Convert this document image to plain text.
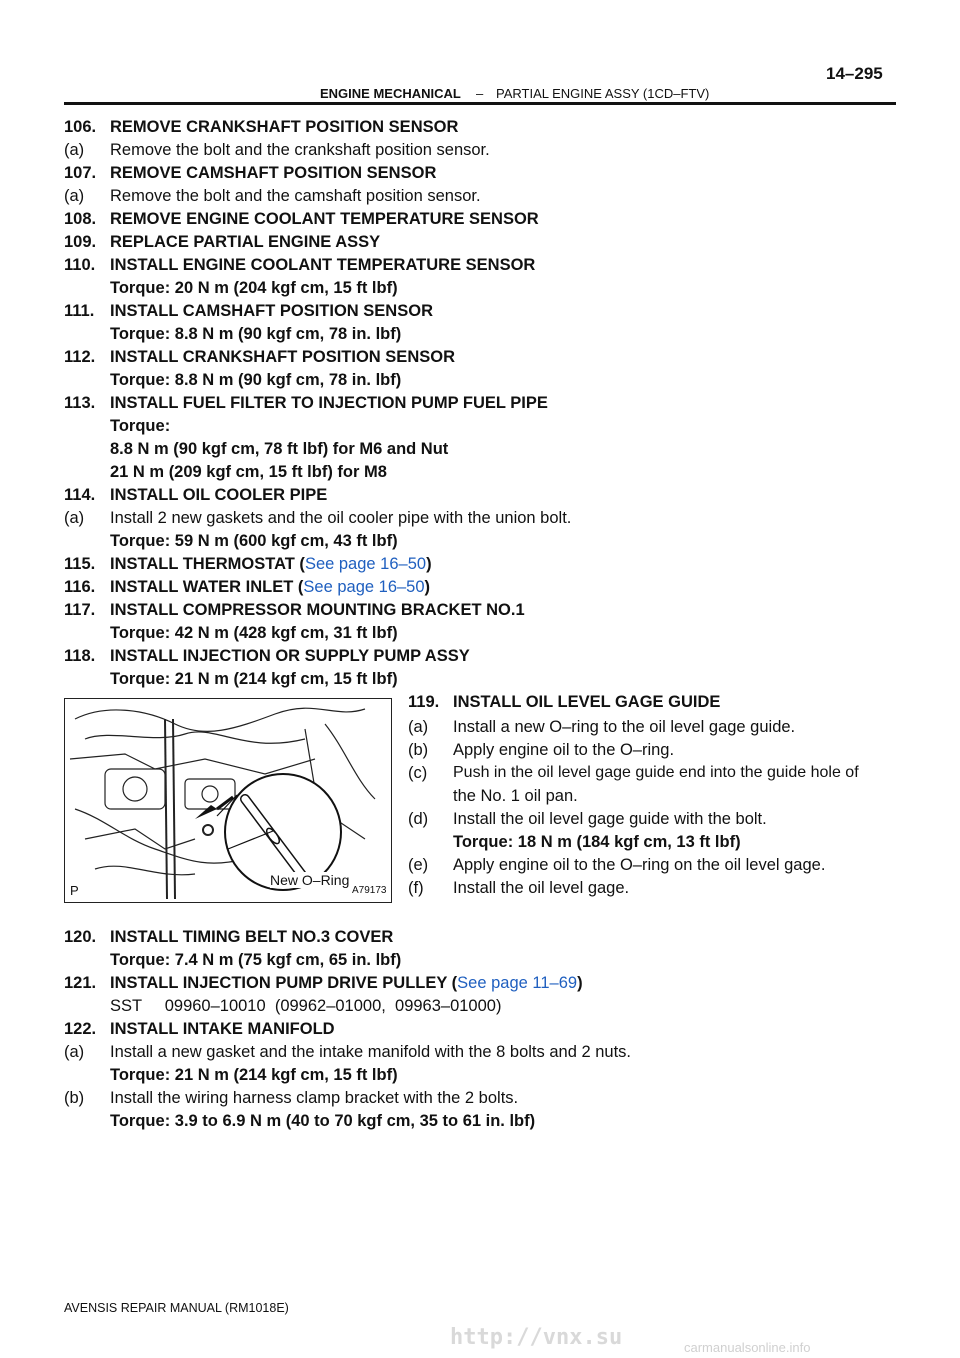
14–295
ENGINE MECHANICAL – PARTIAL ENGINE ASSY (1CD–FTV)
106. REMOVE CRANKSHAFT POSITION SENSOR
(a) Remove the bolt and the crankshaft position sensor.
107. REMOVE CAMSHAFT POSITION SENSOR
(a) Remove the bolt and the camshaft position sensor.
108. REMOVE ENGINE COOLANT TEMPERATURE SENSOR
109. REPLACE PARTIAL ENGINE ASSY
110. INSTALL ENGINE COOLANT TEMPERATURE SENSOR
Torque: 20 N m (204 kgf cm, 15 ft lbf)
111. INSTALL CAMSHAFT POSITION SENSOR
Torque: 8.8 N m (90 kgf cm, 78 in. lbf)
112. INSTALL CRANKSHAFT POSITION SENSOR
Torque: 8.8 N m (90 kgf cm, 78 in. lbf)
113. INSTALL FUEL FILTER TO INJECTION PUMP FUEL PIPE
Torque:
8.8 N m (90 kgf cm, 78 ft lbf) for M6 and Nut
21 N m (209 kgf cm, 15 ft lbf) for M8
114. INSTALL OIL COOLER PIPE
(a) Install 2 new gaskets and the oil cooler pipe with the union bolt.
Torque: 59 N m (600 kgf cm, 43 ft lbf)
115. INSTALL THERMOSTAT (See page 16–50)
116. INSTALL WATER INLET (See page 16–50)
117. INSTALL COMPRESSOR MOUNTING BRACKET NO.1
Torque: 42 N m (428 kgf cm, 31 ft lbf)
118. INSTALL INJECTION OR SUPPLY PUMP ASSY
Torque: 21 N m (214 kgf cm, 15 ft lbf)
119. INSTALL OIL LEVEL GAGE GUIDE
(a) Install a new O–ring to the oil level gage guide.
(b) Apply engine oil to the O–ring.
(c) Push in the oil level gage guide end into the guide hole of
the No. 1 oil pan.
(d) Install the oil level gage guide with the bolt.
Torque: 18 N m (184 kgf cm, 13 ft lbf)
(e) Apply engine oil to the O–ring on the oil level gage.
(f) Install the oil level gage.
New O–Ring
A79173
P
120. INSTALL TIMING BELT NO.3 COVER
Torque: 7.4 N m (75 kgf cm, 65 in. lbf)
121. INSTALL INJECTION PUMP DRIVE PULLEY (See page 11–69)
SST     09960–10010  (09962–01000,  09963–01000)
122. INSTALL INTAKE MANIFOLD
(a) Install a new gasket and the intake manifold with the 8 bolts and 2 nuts.
Torque: 21 N m (214 kgf cm, 15 ft lbf)
(b) Install the wiring harness clamp bracket with the 2 bolts.
Torque: 3.9 to 6.9 N m (40 to 70 kgf cm, 35 to 61 in. lbf)
AVENSIS REPAIR MANUAL (RM1018E)
http://vnx.su	carmanualsonline.info
